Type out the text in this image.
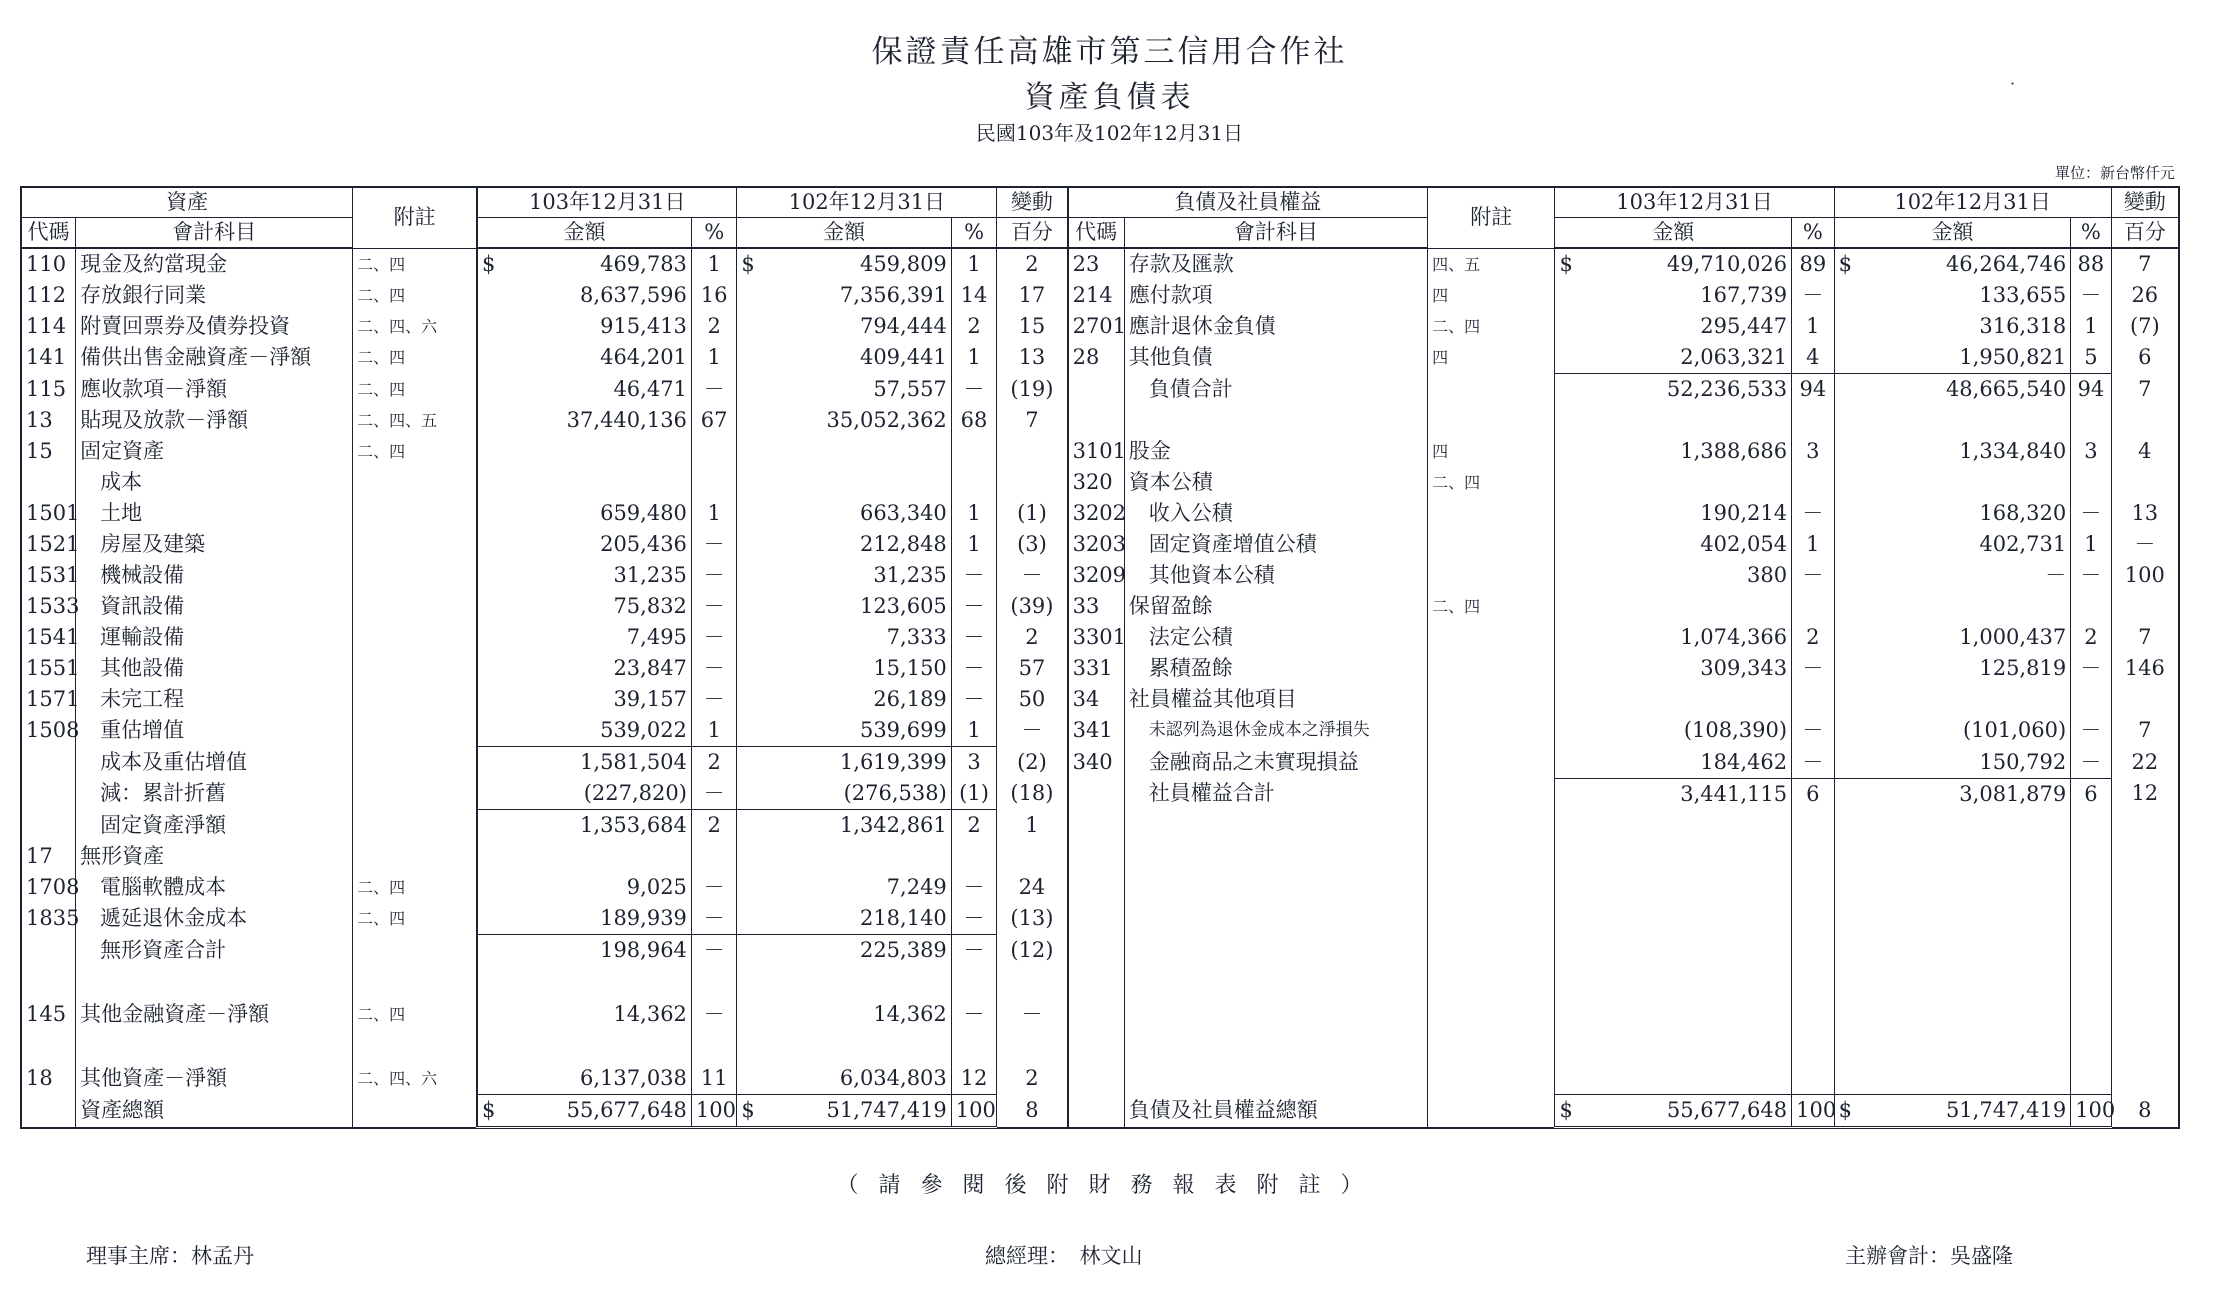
保證責任高雄市第三信用合作社
資產負債表
民國103年及102年12月31日
˙
單位：新台幣仟元
資產		附註	103年12月31日		102年12月31日		變動	負債及社員權益		附註	103年12月31日		102年12月31日		變動
代碼	會計科目		金額	%	金額	%	百分	代碼	會計科目		金額	%	金額	%	百分
110	現金及約當現金	二、四	$ 469,783	1	$ 459,809	1	2	23	存款及匯款	四、五	$ 49,710,026	89	$ 46,264,746	88	7
112	存放銀行同業	二、四	8,637,596	16	7,356,391	14	17	214	應付款項	四	167,739	－	133,655	－	26
114	附賣回票券及債券投資	二、四、六	915,413	2	794,444	2	15	2701	應計退休金負債	二、四	295,447	1	316,318	1	(7)
141	備供出售金融資產－淨額	二、四	464,201	1	409,441	1	13	28	其他負債	四	2,063,321	4	1,950,821	5	6
115	應收款項－淨額	二、四	46,471	－	57,557	－	(19)		負債合計		52,236,533	94	48,665,540	94	7
13	貼現及放款－淨額	二、四、五	37,440,136	67	35,052,362	68	7								
15	固定資產	二、四						3101	股金	四	1,388,686	3	1,334,840	3	4
	成本							320	資本公積	二、四					
1501	土地		659,480	1	663,340	1	(1)	3202	收入公積		190,214	－	168,320	－	13
1521	房屋及建築		205,436	－	212,848	1	(3)	3203	固定資產增值公積		402,054	1	402,731	1	－
1531	機械設備		31,235	－	31,235	－	－	3209	其他資本公積		380	－	－	－	100
1533	資訊設備		75,832	－	123,605	－	(39)	33	保留盈餘	二、四					
1541	運輸設備		7,495	－	7,333	－	2	3301	法定公積		1,074,366	2	1,000,437	2	7
1551	其他設備		23,847	－	15,150	－	57	331	累積盈餘		309,343	－	125,819	－	146
1571	未完工程		39,157	－	26,189	－	50	34	社員權益其他項目						
1508	重估增值		539,022	1	539,699	1	－	341	未認列為退休金成本之淨損失		(108,390)	－	(101,060)	－	7
	成本及重估增值		1,581,504	2	1,619,399	3	(2)	340	金融商品之未實現損益		184,462	－	150,792	－	22
	減：累計折舊		(227,820)	－	(276,538)	(1)	(18)		社員權益合計		3,441,115	6	3,081,879	6	12
	固定資產淨額		1,353,684	2	1,342,861	2	1								
17	無形資產														
1708	電腦軟體成本	二、四	9,025	－	7,249	－	24								
1835	遞延退休金成本	二、四	189,939	－	218,140	－	(13)								
	無形資產合計		198,964	－	225,389	－	(12)								

145	其他金融資產－淨額	二、四	14,362	－	14,362	－	－								

18	其他資產－淨額	二、四、六	6,137,038	11	6,034,803	12	2								
	資產總額		$ 55,677,648	100	$ 51,747,419	100	8		負債及社員權益總額		$ 55,677,648	100	$ 51,747,419	100	8
（請參閱後附財務報表附註）
理事主席：林孟丹	總經理：　林文山	主辦會計：吳盛隆
